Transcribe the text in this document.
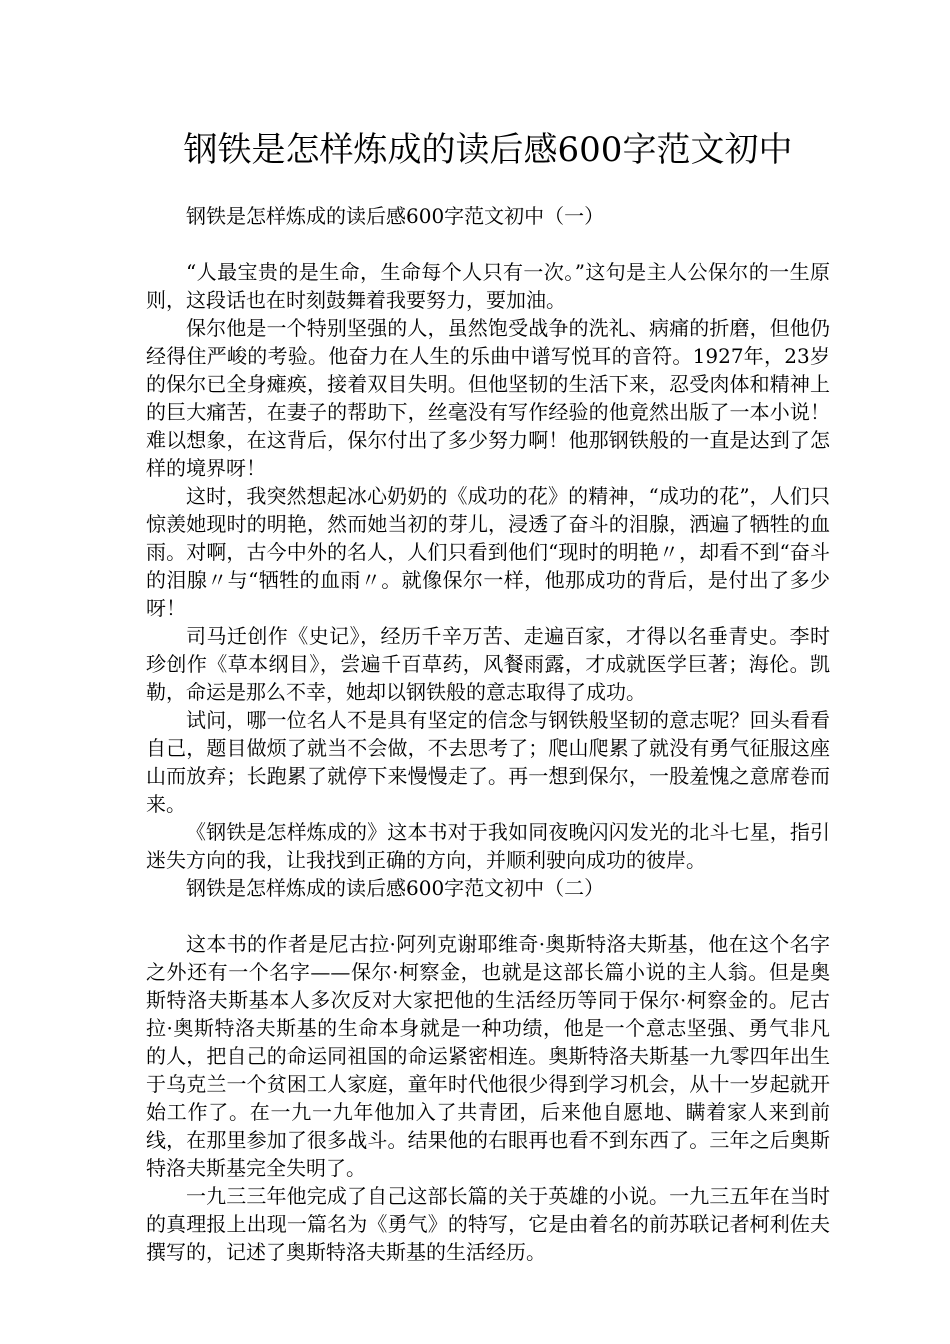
钢铁是怎样炼成的读后感600字范文初中

钢铁是怎样炼成的读后感600字范文初中（一）

“人最宝贵的是生命，生命每个人只有一次。”这句是主人公保尔的一生原则，这段话也在时刻鼓舞着我要努力，要加油。

保尔他是一个特别坚强的人，虽然饱受战争的洗礼、病痛的折磨，但他仍经得住严峻的考验。他奋力在人生的乐曲中谱写悦耳的音符。1927年，23岁的保尔已全身瘫痪，接着双目失明。但他坚韧的生活下来，忍受肉体和精神上的巨大痛苦，在妻子的帮助下，丝毫没有写作经验的他竟然出版了一本小说！难以想象，在这背后，保尔付出了多少努力啊！他那钢铁般的一直是达到了怎样的境界呀！

这时，我突然想起冰心奶奶的《成功的花》的精神，“成功的花”，人们只惊羡她现时的明艳，然而她当初的芽儿，浸透了奋斗的泪腺，洒遍了牺牲的血雨。对啊，古今中外的名人，人们只看到他们“现时的明艳〃，却看不到“奋斗的泪腺〃与“牺牲的血雨〃。就像保尔一样，他那成功的背后，是付出了多少呀！

司马迁创作《史记》，经历千辛万苦、走遍百家，才得以名垂青史。李时珍创作《草本纲目》，尝遍千百草药，风餐雨露，才成就医学巨著；海伦。凯勒，命运是那么不幸，她却以钢铁般的意志取得了成功。

试问，哪一位名人不是具有坚定的信念与钢铁般坚韧的意志呢？回头看看自己，题目做烦了就当不会做，不去思考了；爬山爬累了就没有勇气征服这座山而放弃；长跑累了就停下来慢慢走了。再一想到保尔，一股羞愧之意席卷而来。

《钢铁是怎样炼成的》这本书对于我如同夜晚闪闪发光的北斗七星，指引迷失方向的我，让我找到正确的方向，并顺利驶向成功的彼岸。

钢铁是怎样炼成的读后感600字范文初中（二）

这本书的作者是尼古拉·阿列克谢耶维奇·奥斯特洛夫斯基，他在这个名字之外还有一个名字——保尔·柯察金，也就是这部长篇小说的主人翁。但是奥斯特洛夫斯基本人多次反对大家把他的生活经历等同于保尔·柯察金的。尼古拉·奥斯特洛夫斯基的生命本身就是一种功绩，他是一个意志坚强、勇气非凡的人，把自己的命运同祖国的命运紧密相连。奥斯特洛夫斯基一九零四年出生于乌克兰一个贫困工人家庭，童年时代他很少得到学习机会，从十一岁起就开始工作了。在一九一九年他加入了共青团，后来他自愿地、瞒着家人来到前线，在那里参加了很多战斗。结果他的右眼再也看不到东西了。三年之后奥斯特洛夫斯基完全失明了。

一九三三年他完成了自己这部长篇的关于英雄的小说。一九三五年在当时的真理报上出现一篇名为《勇气》的特写，它是由着名的前苏联记者柯利佐夫撰写的，记述了奥斯特洛夫斯基的生活经历。
